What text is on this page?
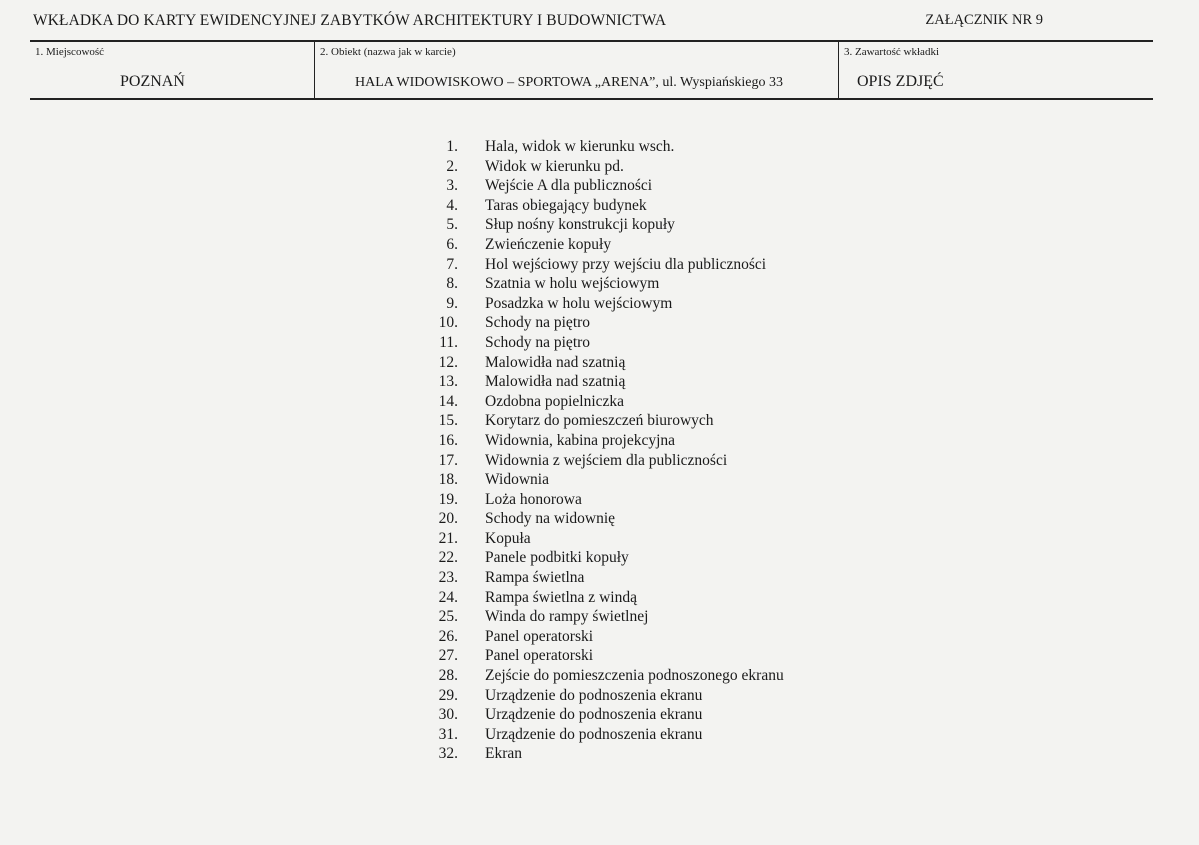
WKŁADKA DO KARTY EWIDENCYJNEJ ZABYTKÓW ARCHITEKTURY I BUDOWNICTWA	ZAŁĄCZNIK NR 9
1. Miejscowość
POZNAŃ
2. Obiekt (nazwa jak w karcie)
HALA WIDOWISKOWO – SPORTOWA „ARENA”, ul. Wyspiańskiego 33
3. Zawartość wkładki
OPIS ZDJĘĆ
1. Hala, widok w kierunku wsch.
2. Widok w kierunku pd.
3. Wejście A dla publiczności
4. Taras obiegający budynek
5. Słup nośny konstrukcji kopuły
6. Zwieńczenie kopuły
7. Hol wejściowy przy wejściu dla publiczności
8. Szatnia w holu wejściowym
9. Posadzka w holu wejściowym
10. Schody na piętro
11. Schody na piętro
12. Malowidła nad szatnią
13. Malowidła nad szatnią
14. Ozdobna popielniczka
15. Korytarz do pomieszczeń biurowych
16. Widownia, kabina projekcyjna
17. Widownia z wejściem dla publiczności
18. Widownia
19. Loża honorowa
20. Schody na widownię
21. Kopuła
22. Panele podbitki kopuły
23. Rampa świetlna
24. Rampa świetlna z windą
25. Winda do rampy świetlnej
26. Panel operatorski
27. Panel operatorski
28. Zejście do pomieszczenia podnoszonego ekranu
29. Urządzenie do podnoszenia ekranu
30. Urządzenie do podnoszenia ekranu
31. Urządzenie do podnoszenia ekranu
32. Ekran
